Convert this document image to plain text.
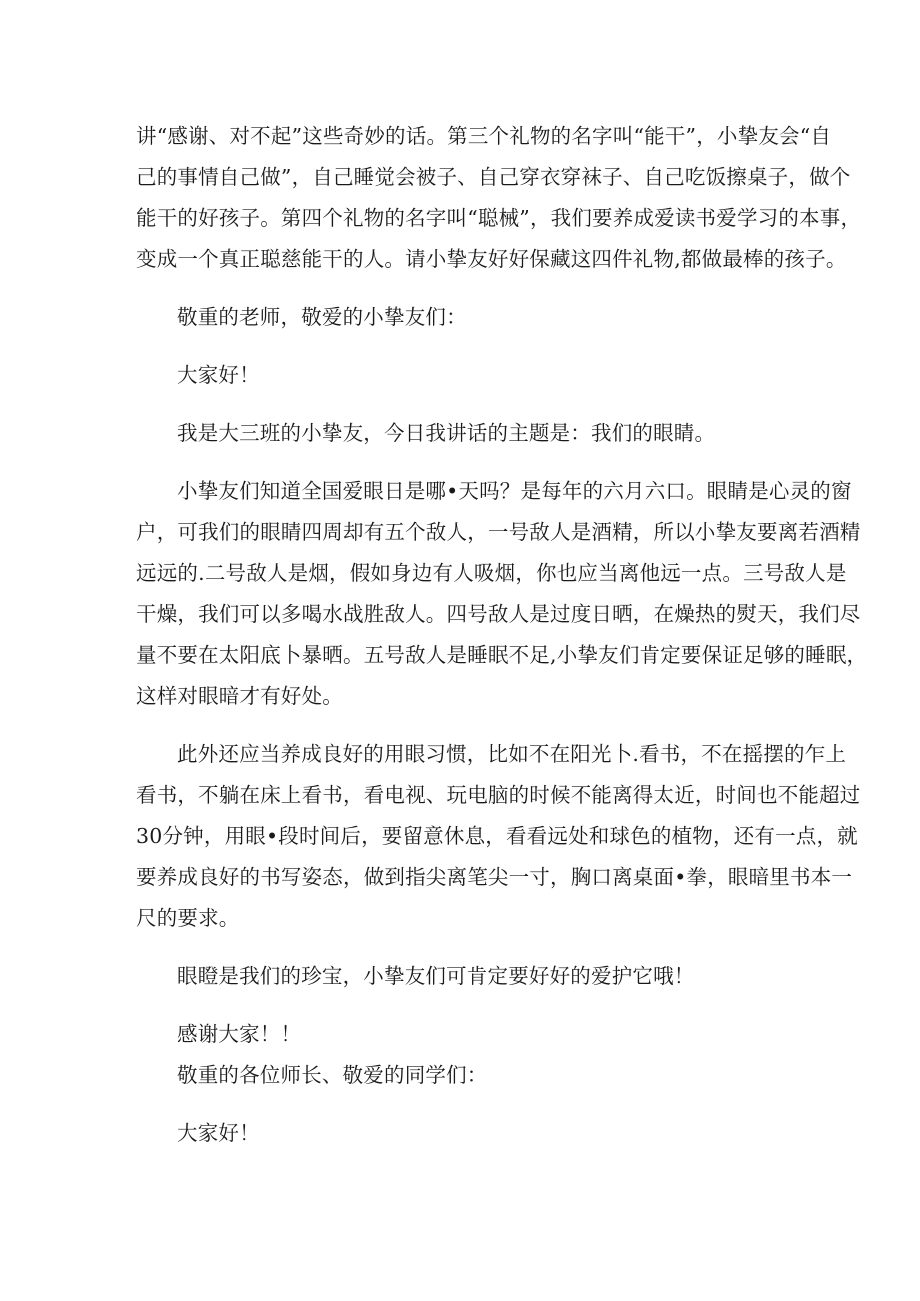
讲“感谢、对不起”这些奇妙的话。第三个礼物的名字叫“能干”，小挚友会“自
己的事情自己做”，自己睡觉会被子、自己穿衣穿袜子、自己吃饭擦桌子，做个
能干的好孩子。第四个礼物的名字叫“聪械”，我们要养成爱读书爱学习的本事，
变成一个真正聪慈能干的人。请小挚友好好保藏这四件礼物,都做最棒的孩子。

敬重的老师，敬爱的小挚友们：

大家好！

我是大三班的小挚友，今日我讲话的主题是：我们的眼睛。

小挚友们知道全国爱眼日是哪•天吗？是每年的六月六口。眼睛是心灵的窗
户，可我们的眼睛四周却有五个敌人，一号敌人是酒精，所以小挚友要离若酒精
远远的.二号敌人是烟，假如身边有人吸烟，你也应当离他远一点。三号敌人是
干燥，我们可以多喝水战胜敌人。四号敌人是过度日晒，在燥热的熨天，我们尽
量不要在太阳底卜暴晒。五号敌人是睡眠不足,小挚友们肯定要保证足够的睡眠，
这样对眼暗才有好处。

此外还应当养成良好的用眼习惯，比如不在阳光卜.看书，不在摇摆的乍上
看书，不躺在床上看书，看电视、玩电脑的时候不能离得太近，时间也不能超过
30分钟，用眼•段时间后，要留意休息，看看远处和球色的植物，还有一点，就
要养成良好的书写姿态，做到指尖离笔尖一寸，胸口离桌面•拳，眼暗里书本一
尺的要求。

眼瞪是我们的珍宝，小挚友们可肯定要好好的爱护它哦！

感谢大家！！

敬重的各位师长、敬爱的同学们：

大家好！
